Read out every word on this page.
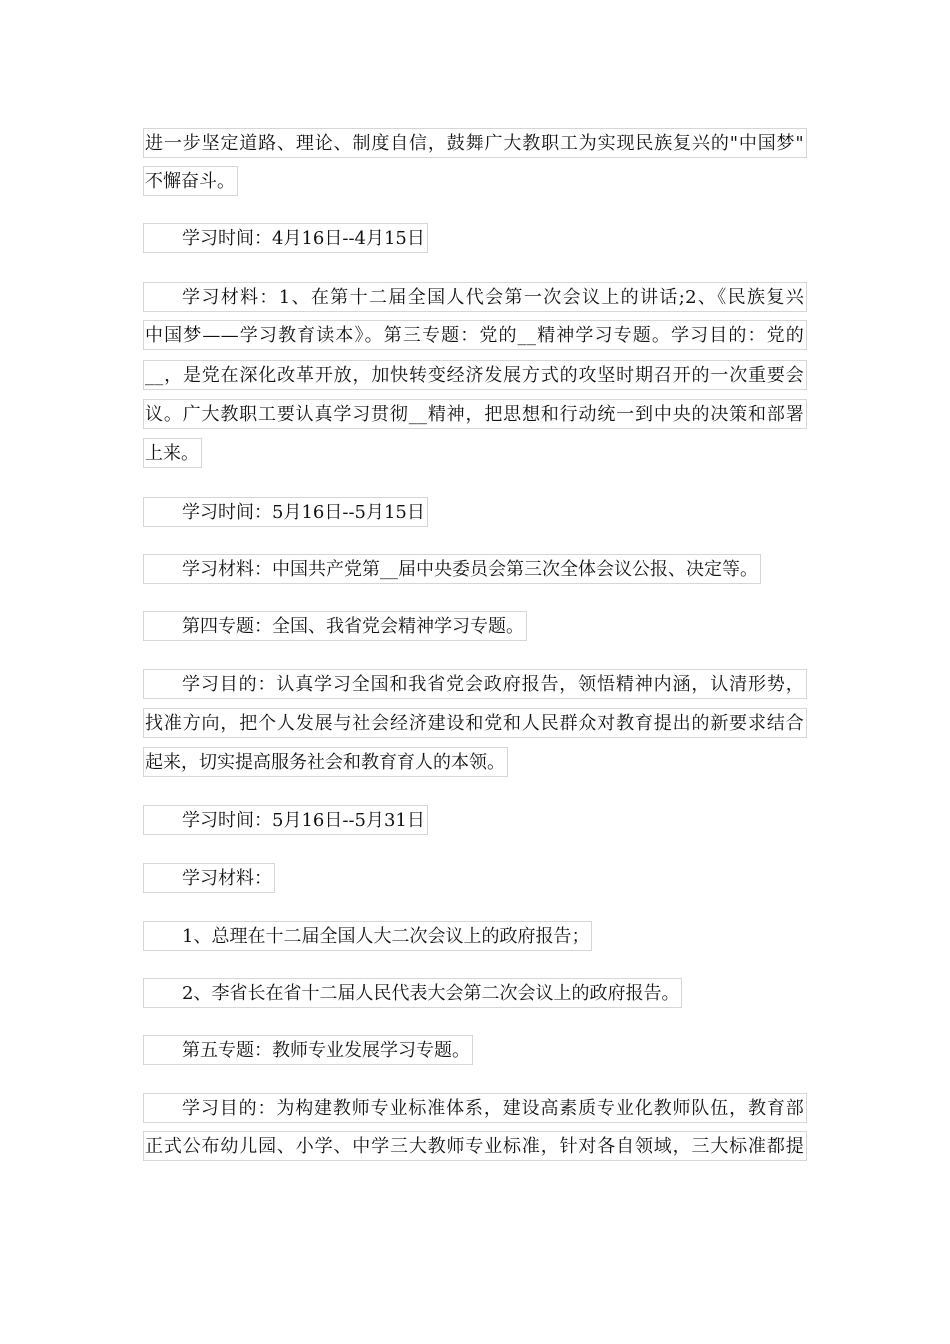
进一步坚定道路、理论、制度自信，鼓舞广大教职工为实现民族复兴的"中国梦"
不懈奋斗。
学习时间：4月16日--4月15日
学习材料：1、在第十二届全国人代会第一次会议上的讲话;2、《民族复兴
中国梦——学习教育读本》。第三专题：党的__精神学习专题。学习目的：党的
__，是党在深化改革开放，加快转变经济发展方式的攻坚时期召开的一次重要会
议。广大教职工要认真学习贯彻__精神，把思想和行动统一到中央的决策和部署
上来。
学习时间：5月16日--5月15日
学习材料：中国共产党第__届中央委员会第三次全体会议公报、决定等。
第四专题：全国、我省党会精神学习专题。
学习目的：认真学习全国和我省党会政府报告，领悟精神内涵，认清形势，
找准方向，把个人发展与社会经济建设和党和人民群众对教育提出的新要求结合
起来，切实提高服务社会和教育育人的本领。
学习时间：5月16日--5月31日
学习材料：
1、总理在十二届全国人大二次会议上的政府报告；
2、李省长在省十二届人民代表大会第二次会议上的政府报告。
第五专题：教师专业发展学习专题。
学习目的：为构建教师专业标准体系，建设高素质专业化教师队伍，教育部
正式公布幼儿园、小学、中学三大教师专业标准，针对各自领域，三大标准都提
